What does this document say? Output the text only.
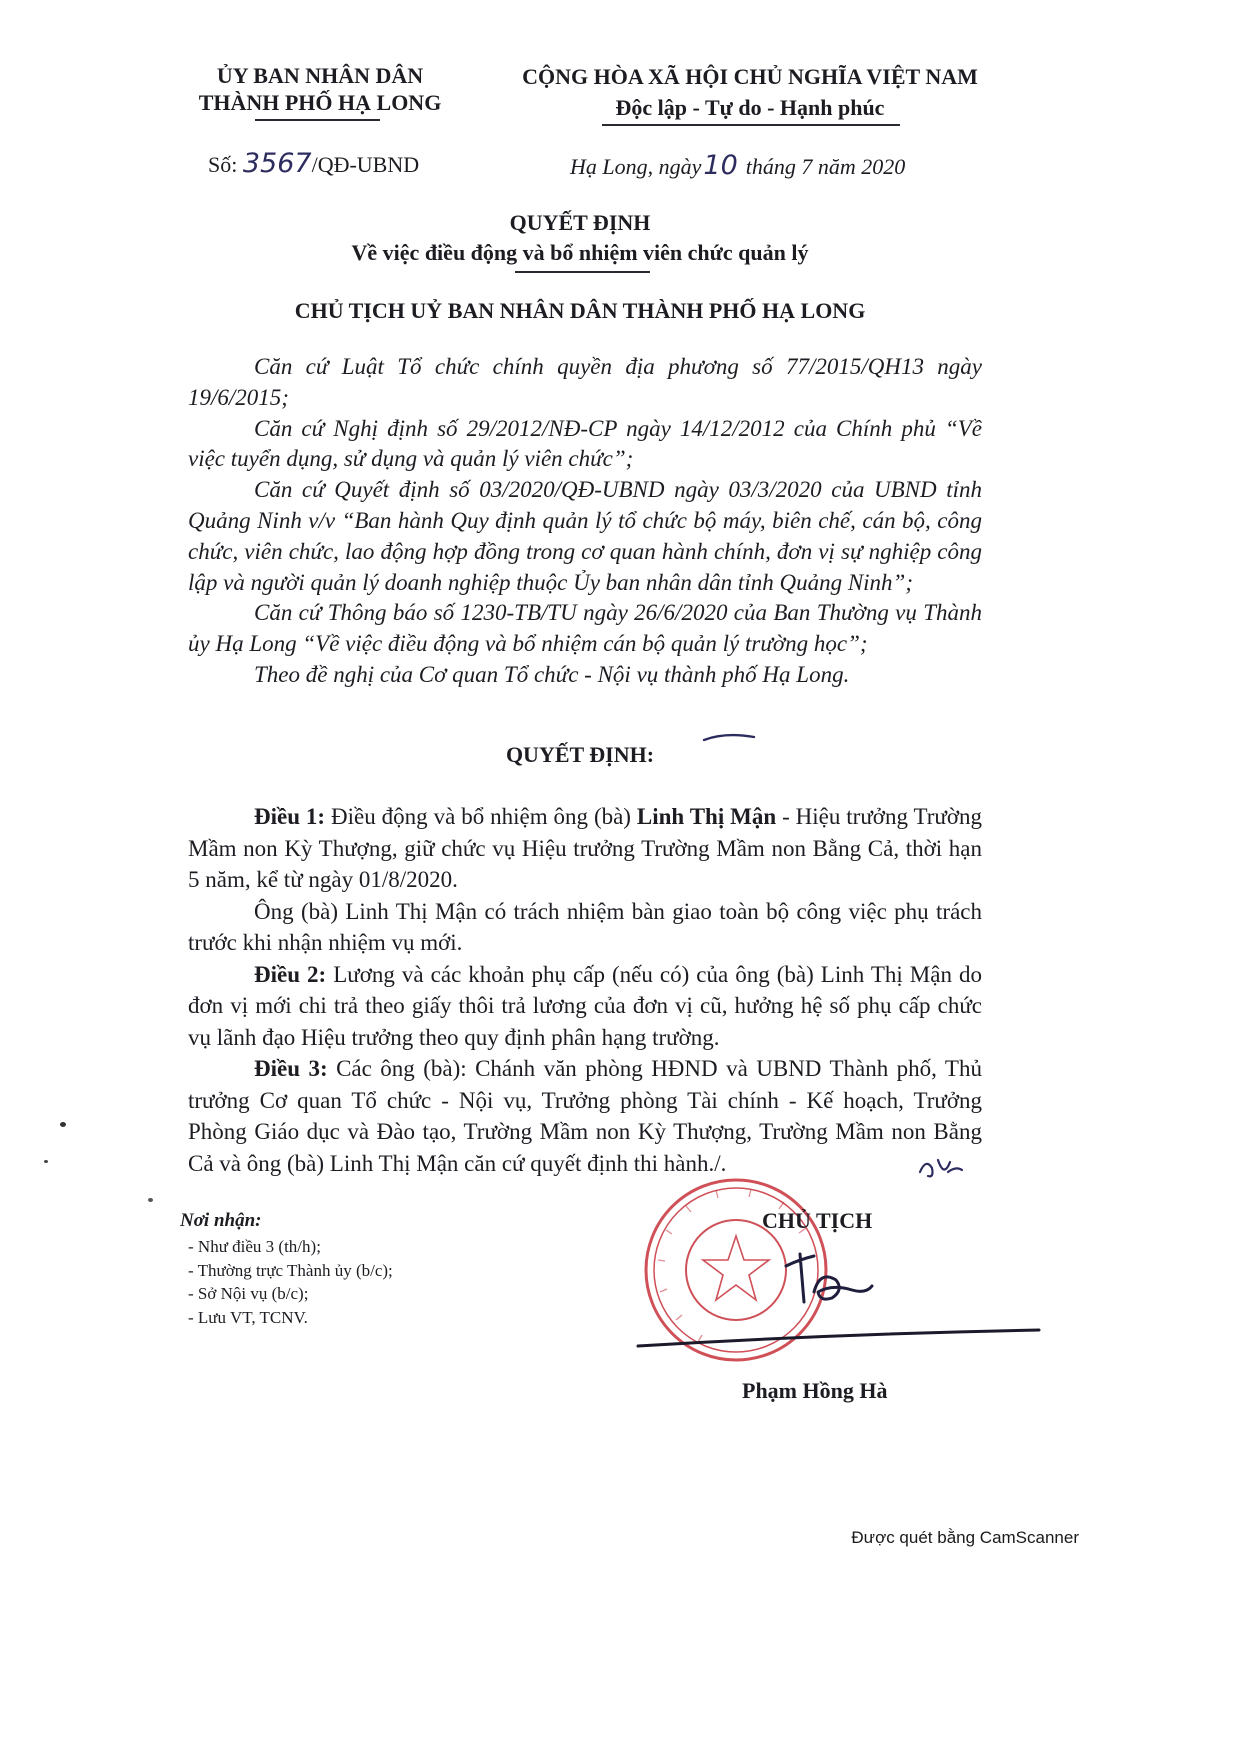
ỦY BAN NHÂN DÂN
THÀNH PHỐ HẠ LONG
Số: 3567/QĐ-UBND
CỘNG HÒA XÃ HỘI CHỦ NGHĨA VIỆT NAM
Độc lập - Tự do - Hạnh phúc
Hạ Long, ngày10 tháng 7 năm 2020
QUYẾT ĐỊNH
Về việc điều động và bổ nhiệm viên chức quản lý
CHỦ TỊCH UỶ BAN NHÂN DÂN THÀNH PHỐ HẠ LONG

Căn cứ Luật Tổ chức chính quyền địa phương số 77/2015/QH13 ngày 19/6/2015;

Căn cứ Nghị định số 29/2012/NĐ-CP ngày 14/12/2012 của Chính phủ “Về việc tuyển dụng, sử dụng và quản lý viên chức”;

Căn cứ Quyết định số 03/2020/QĐ-UBND ngày 03/3/2020 của UBND tỉnh Quảng Ninh v/v “Ban hành Quy định quản lý tổ chức bộ máy, biên chế, cán bộ, công chức, viên chức, lao động hợp đồng trong cơ quan hành chính, đơn vị sự nghiệp công lập và người quản lý doanh nghiệp thuộc Ủy ban nhân dân tỉnh Quảng Ninh”;

Căn cứ Thông báo số 1230-TB/TU ngày 26/6/2020 của Ban Thường vụ Thành ủy Hạ Long “Về việc điều động và bổ nhiệm cán bộ quản lý trường học”;

Theo đề nghị của Cơ quan Tổ chức - Nội vụ thành phố Hạ Long.

QUYẾT ĐỊNH:

Điều 1: Điều động và bổ nhiệm ông (bà) Linh Thị Mận - Hiệu trưởng Trường Mầm non Kỳ Thượng, giữ chức vụ Hiệu trưởng Trường Mầm non Bằng Cả, thời hạn 5 năm, kể từ ngày 01/8/2020.

Ông (bà) Linh Thị Mận có trách nhiệm bàn giao toàn bộ công việc phụ trách trước khi nhận nhiệm vụ mới.

Điều 2: Lương và các khoản phụ cấp (nếu có) của ông (bà) Linh Thị Mận do đơn vị mới chi trả theo giấy thôi trả lương của đơn vị cũ, hưởng hệ số phụ cấp chức vụ lãnh đạo Hiệu trưởng theo quy định phân hạng trường.

Điều 3: Các ông (bà): Chánh văn phòng HĐND và UBND Thành phố, Thủ trưởng Cơ quan Tổ chức - Nội vụ, Trưởng phòng Tài chính - Kế hoạch, Trưởng Phòng Giáo dục và Đào tạo, Trường Mầm non Kỳ Thượng, Trường Mầm non Bằng Cả và ông (bà) Linh Thị Mận căn cứ quyết định thi hành./.

Nơi nhận:
- Như điều 3 (th/h);
- Thường trực Thành ủy (b/c);
- Sở Nội vụ (b/c);
- Lưu VT, TCNV.
CHỦ TỊCH
Phạm Hồng Hà
Được quét bằng CamScanner
